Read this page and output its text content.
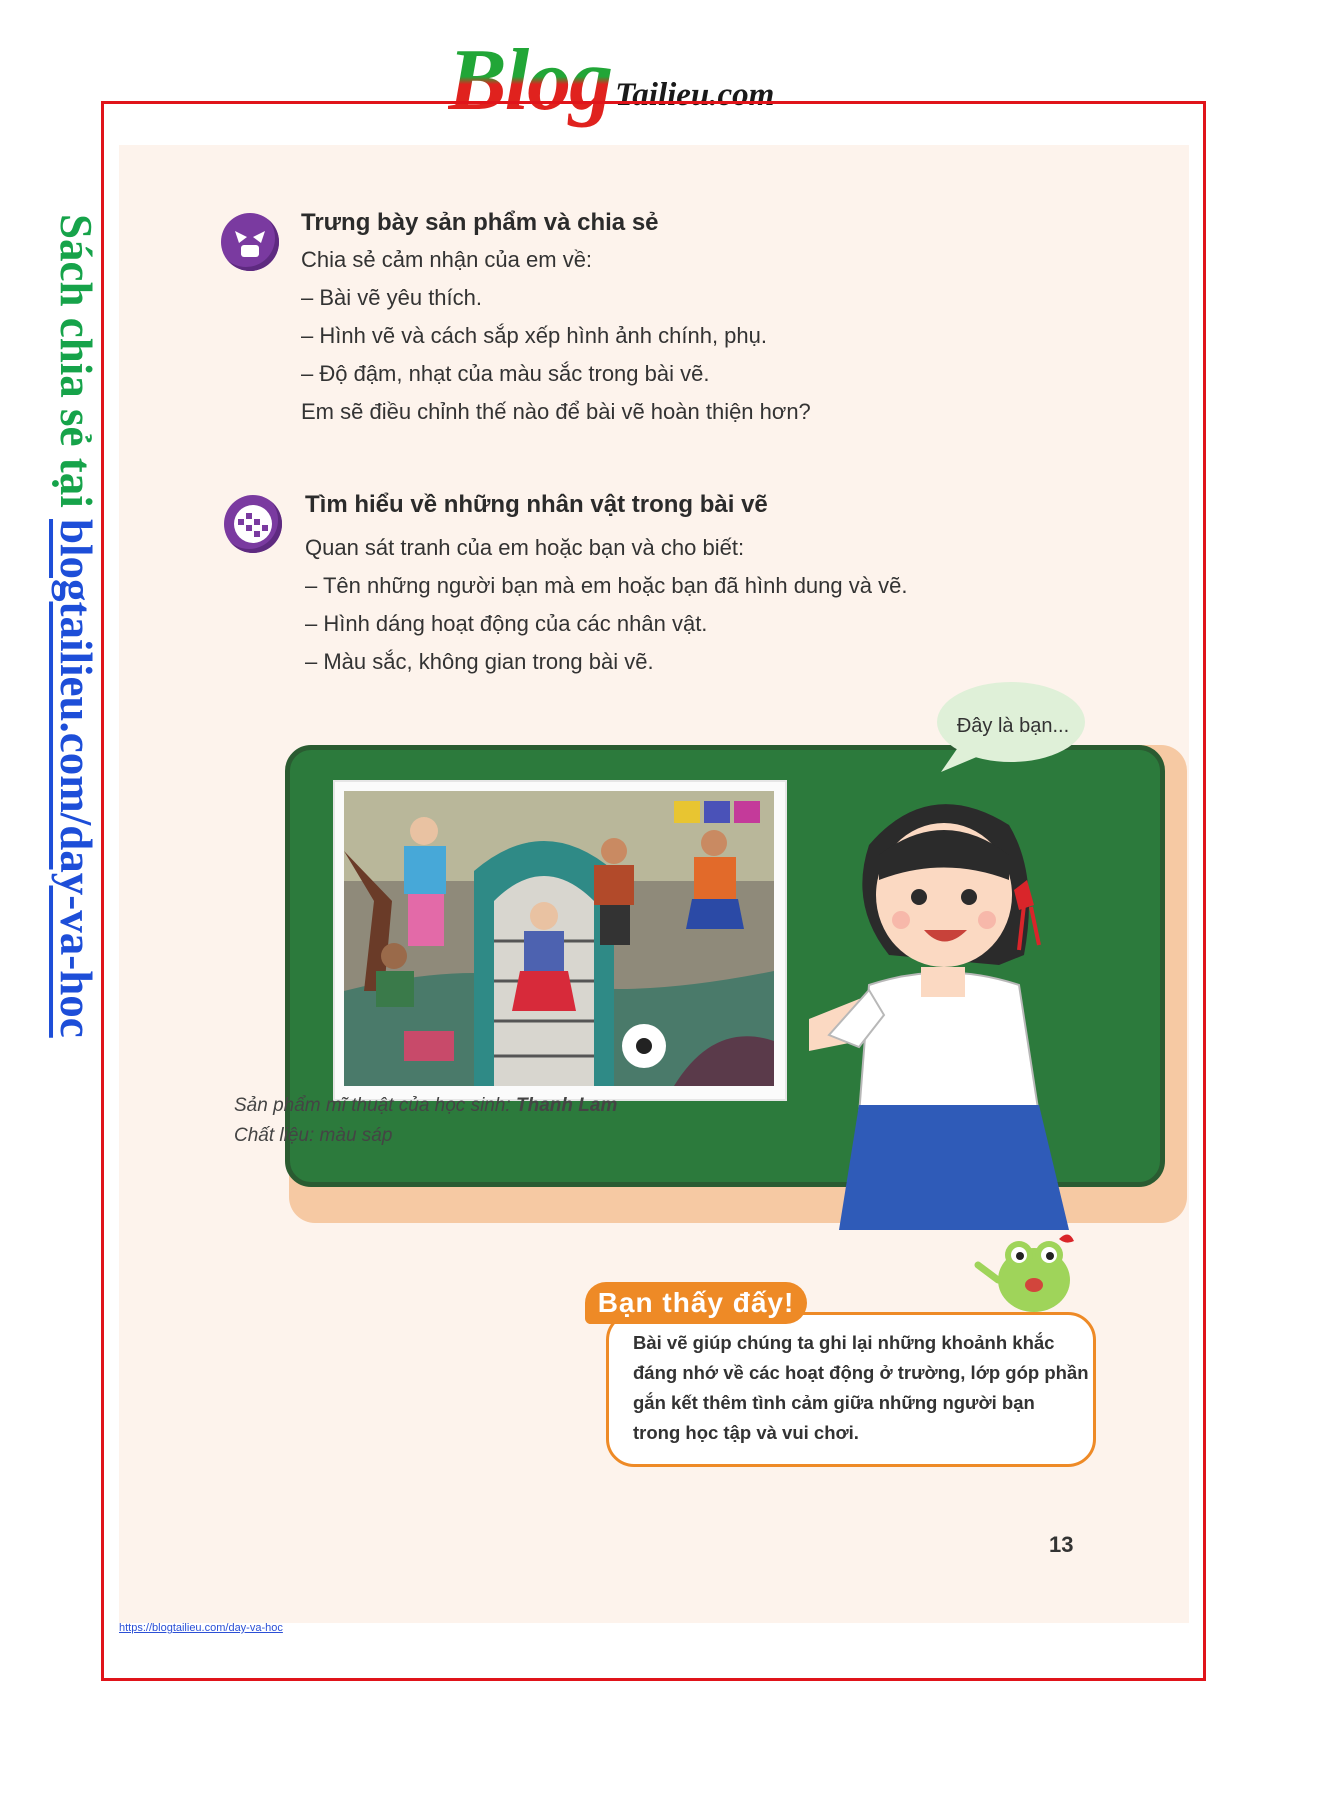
Blog Tailieu.com
Sách chia sẻ tại blogtailieu.com/day-va-hoc
Trưng bày sản phẩm và chia sẻ
Chia sẻ cảm nhận của em về:
– Bài vẽ yêu thích.
– Hình vẽ và cách sắp xếp hình ảnh chính, phụ.
– Độ đậm, nhạt của màu sắc trong bài vẽ.
Em sẽ điều chỉnh thế nào để bài vẽ hoàn thiện hơn?
Tìm hiểu về những nhân vật trong bài vẽ
Quan sát tranh của em hoặc bạn và cho biết:
– Tên những người bạn mà em hoặc bạn đã hình dung và vẽ.
– Hình dáng hoạt động của các nhân vật.
– Màu sắc, không gian trong bài vẽ.
Đây là bạn...
Sản phẩm mĩ thuật của học sinh: Thanh Lam
Chất liệu: màu sáp
Bạn thấy đấy!
Bài vẽ giúp chúng ta ghi lại những khoảnh khắc
đáng nhớ về các hoạt động ở trường, lớp góp phần
gắn kết thêm tình cảm giữa những người bạn
trong học tập và vui chơi.
13
https://blogtailieu.com/day-va-hoc
